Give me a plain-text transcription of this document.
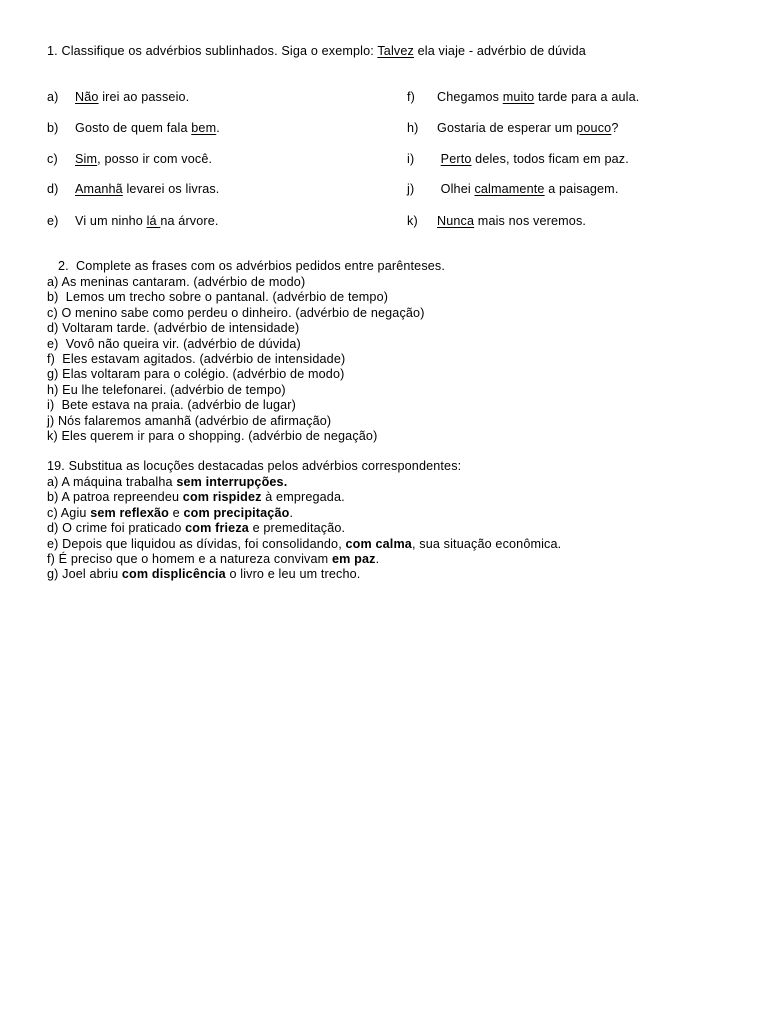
1. Classifique os advérbios sublinhados. Siga o exemplo: Talvez ela viaje - advérbio de dúvida
a) Não irei ao passeio.
b) Gosto de quem fala bem.
c) Sim, posso ir com você.
d) Amanhã levarei os livras.
e) Vi um ninho lá na árvore.
f) Chegamos muito tarde para a aula.
h) Gostaria de esperar um pouco?
i) Perto deles, todos ficam em paz.
j) Olhei calmamente a paisagem.
k) Nunca mais nos veremos.
2.  Complete as frases com os advérbios pedidos entre parênteses.
a) As meninas cantaram. (advérbio de modo)
b)  Lemos um trecho sobre o pantanal. (advérbio de tempo)
c) O menino sabe como perdeu o dinheiro. (advérbio de negação)
d) Voltaram tarde. (advérbio de intensidade)
e)  Vovô não queira vir. (advérbio de dúvida)
f)  Eles estavam agitados. (advérbio de intensidade)
g) Elas voltaram para o colégio. (advérbio de modo)
h) Eu lhe telefonarei. (advérbio de tempo)
i)  Bete estava na praia. (advérbio de lugar)
j) Nós falaremos amanhã (advérbio de afirmação)
k) Eles querem ir para o shopping. (advérbio de negação)
19. Substitua as locuções destacadas pelos advérbios correspondentes:
a) A máquina trabalha sem interrupções.
b) A patroa repreendeu com rispidez à empregada.
c) Agiu sem reflexão e com precipitação.
d) O crime foi praticado com frieza e premeditação.
e) Depois que liquidou as dívidas, foi consolidando, com calma, sua situação econômica.
f) É preciso que o homem e a natureza convivam em paz.
g) Joel abriu com displicência o livro e leu um trecho.
